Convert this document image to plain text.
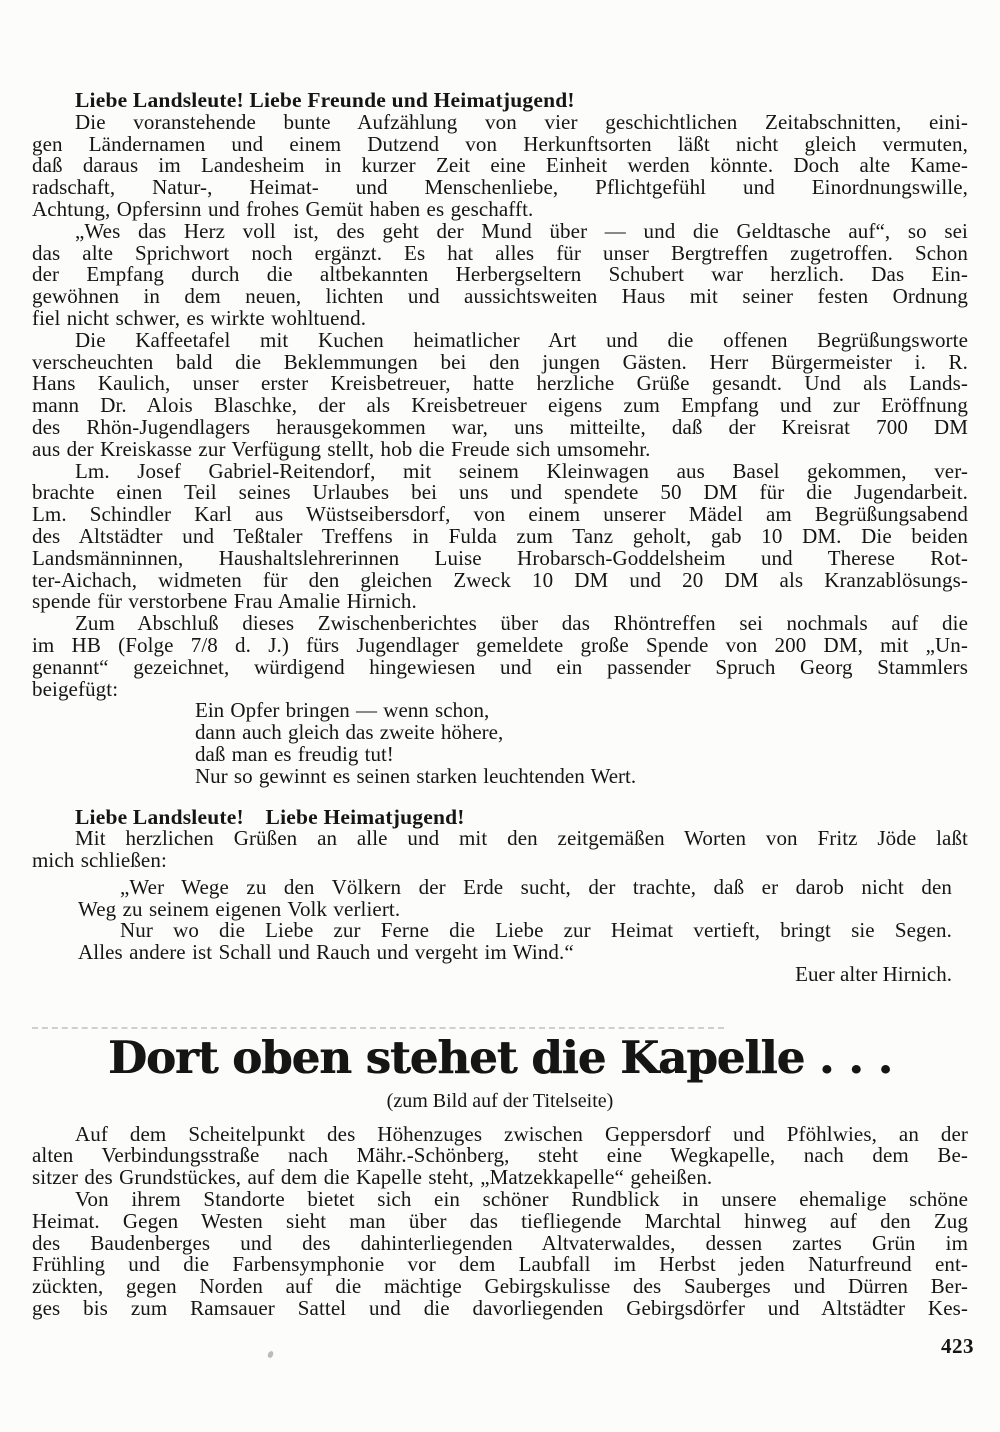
Liebe Landsleute! Liebe Freunde und Heimatjugend!
Die voranstehende bunte Aufzählung von vier geschichtlichen Zeitabschnitten, eini-
gen Ländernamen und einem Dutzend von Herkunftsorten läßt nicht gleich vermuten,
daß daraus im Landesheim in kurzer Zeit eine Einheit werden könnte. Doch alte Kame-
radschaft, Natur-, Heimat- und Menschenliebe, Pflichtgefühl und Einordnungswille,
Achtung, Opfersinn und frohes Gemüt haben es geschafft.
„Wes das Herz voll ist, des geht der Mund über — und die Geldtasche auf“, so sei
das alte Sprichwort noch ergänzt. Es hat alles für unser Bergtreffen zugetroffen. Schon
der Empfang durch die altbekannten Herbergseltern Schubert war herzlich. Das Ein-
gewöhnen in dem neuen, lichten und aussichtsweiten Haus mit seiner festen Ordnung
fiel nicht schwer, es wirkte wohltuend.
Die Kaffeetafel mit Kuchen heimatlicher Art und die offenen Begrüßungsworte
verscheuchten bald die Beklemmungen bei den jungen Gästen. Herr Bürgermeister i. R.
Hans Kaulich, unser erster Kreisbetreuer, hatte herzliche Grüße gesandt. Und als Lands-
mann Dr. Alois Blaschke, der als Kreisbetreuer eigens zum Empfang und zur Eröffnung
des Rhön-Jugendlagers herausgekommen war, uns mitteilte, daß der Kreisrat 700 DM
aus der Kreiskasse zur Verfügung stellt, hob die Freude sich umsomehr.
Lm. Josef Gabriel-Reitendorf, mit seinem Kleinwagen aus Basel gekommen, ver-
brachte einen Teil seines Urlaubes bei uns und spendete 50 DM für die Jugendarbeit.
Lm. Schindler Karl aus Wüstseibersdorf, von einem unserer Mädel am Begrüßungsabend
des Altstädter und Teßtaler Treffens in Fulda zum Tanz geholt, gab 10 DM. Die beiden
Landsmänninnen, Haushaltslehrerinnen Luise Hrobarsch-Goddelsheim und Therese Rot-
ter-Aichach, widmeten für den gleichen Zweck 10 DM und 20 DM als Kranzablösungs-
spende für verstorbene Frau Amalie Hirnich.
Zum Abschluß dieses Zwischenberichtes über das Rhöntreffen sei nochmals auf die
im HB (Folge 7/8 d. J.) fürs Jugendlager gemeldete große Spende von 200 DM, mit „Un-
genannt“ gezeichnet, würdigend hingewiesen und ein passender Spruch Georg Stammlers
beigefügt:
Ein Opfer bringen — wenn schon,
dann auch gleich das zweite höhere,
daß man es freudig tut!
Nur so gewinnt es seinen starken leuchtenden Wert.
Liebe Landsleute! Liebe Heimatjugend!
Mit herzlichen Grüßen an alle und mit den zeitgemäßen Worten von Fritz Jöde laßt
mich schließen:
„Wer Wege zu den Völkern der Erde sucht, der trachte, daß er darob nicht den
Weg zu seinem eigenen Volk verliert.
Nur wo die Liebe zur Ferne die Liebe zur Heimat vertieft, bringt sie Segen.
Alles andere ist Schall und Rauch und vergeht im Wind.“
Euer alter Hirnich.
Dort oben stehet die Kapelle . . .
(zum Bild auf der Titelseite)
Auf dem Scheitelpunkt des Höhenzuges zwischen Geppersdorf und Pföhlwies, an der
alten Verbindungsstraße nach Mähr.-Schönberg, steht eine Wegkapelle, nach dem Be-
sitzer des Grundstückes, auf dem die Kapelle steht, „Matzekkapelle“ geheißen.
Von ihrem Standorte bietet sich ein schöner Rundblick in unsere ehemalige schöne
Heimat. Gegen Westen sieht man über das tiefliegende Marchtal hinweg auf den Zug
des Baudenberges und des dahinterliegenden Altvaterwaldes, dessen zartes Grün im
Frühling und die Farbensymphonie vor dem Laubfall im Herbst jeden Naturfreund ent-
zückten, gegen Norden auf die mächtige Gebirgskulisse des Sauberges und Dürren Ber-
ges bis zum Ramsauer Sattel und die davorliegenden Gebirgsdörfer und Altstädter Kes-
423
